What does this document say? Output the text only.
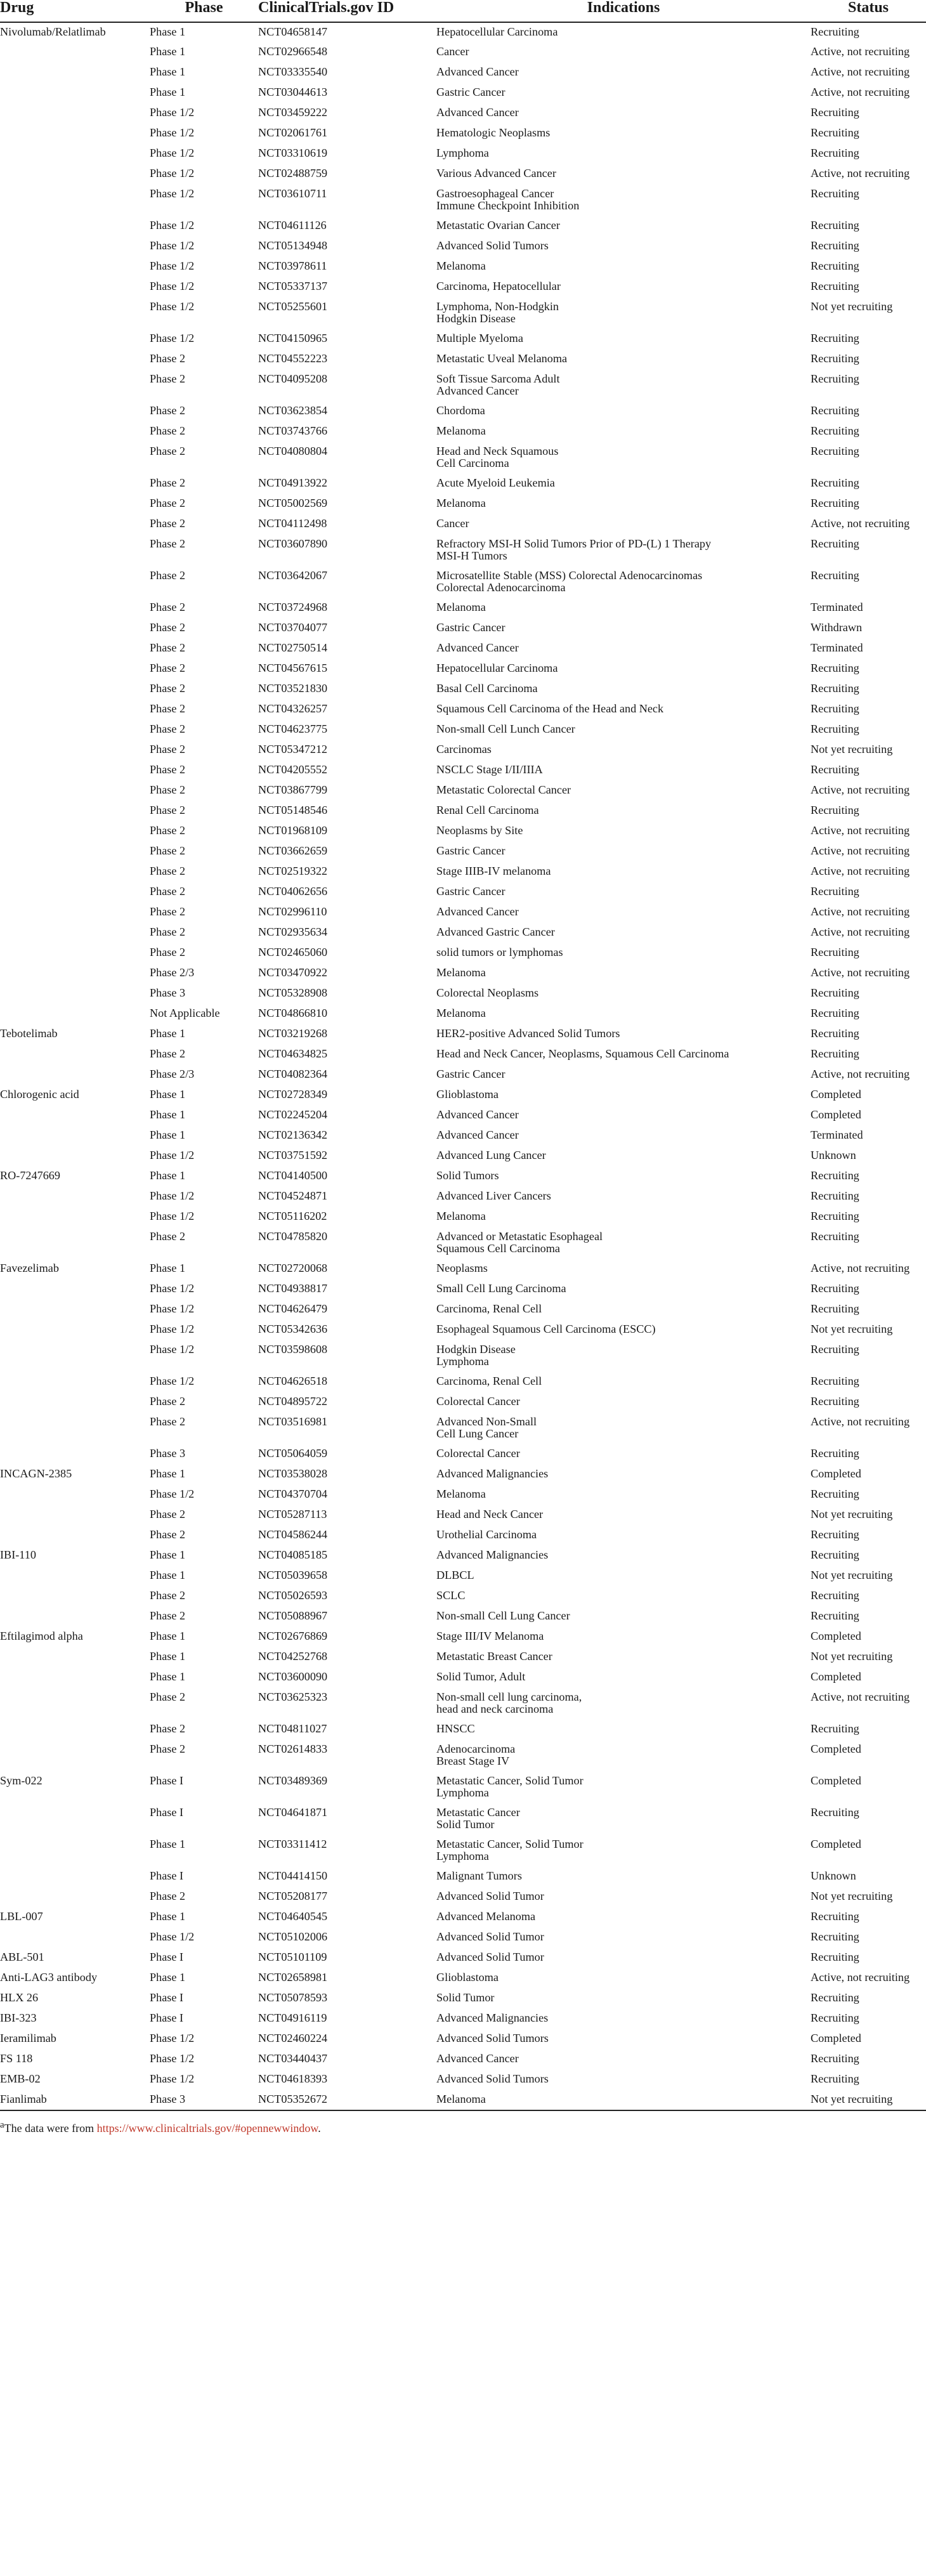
Drug	Phase	ClinicalTrials.gov ID	Indications	Status
Nivolumab/Relatlimab	Phase 1	NCT04658147	Hepatocellular Carcinoma	Recruiting
	Phase 1	NCT02966548	Cancer	Active, not recruiting
	Phase 1	NCT03335540	Advanced Cancer	Active, not recruiting
	Phase 1	NCT03044613	Gastric Cancer	Active, not recruiting
	Phase 1/2	NCT03459222	Advanced Cancer	Recruiting
	Phase 1/2	NCT02061761	Hematologic Neoplasms	Recruiting
	Phase 1/2	NCT03310619	Lymphoma	Recruiting
	Phase 1/2	NCT02488759	Various Advanced Cancer	Active, not recruiting
	Phase 1/2	NCT03610711	Gastroesophageal Cancer
Immune Checkpoint Inhibition	Recruiting
	Phase 1/2	NCT04611126	Metastatic Ovarian Cancer	Recruiting
	Phase 1/2	NCT05134948	Advanced Solid Tumors	Recruiting
	Phase 1/2	NCT03978611	Melanoma	Recruiting
	Phase 1/2	NCT05337137	Carcinoma, Hepatocellular	Recruiting
	Phase 1/2	NCT05255601	Lymphoma, Non-Hodgkin
Hodgkin Disease	Not yet recruiting
	Phase 1/2	NCT04150965	Multiple Myeloma	Recruiting
	Phase 2	NCT04552223	Metastatic Uveal Melanoma	Recruiting
	Phase 2	NCT04095208	Soft Tissue Sarcoma Adult
Advanced Cancer	Recruiting
	Phase 2	NCT03623854	Chordoma	Recruiting
	Phase 2	NCT03743766	Melanoma	Recruiting
	Phase 2	NCT04080804	Head and Neck Squamous
Cell Carcinoma	Recruiting
	Phase 2	NCT04913922	Acute Myeloid Leukemia	Recruiting
	Phase 2	NCT05002569	Melanoma	Recruiting
	Phase 2	NCT04112498	Cancer	Active, not recruiting
	Phase 2	NCT03607890	Refractory MSI-H Solid Tumors Prior of PD-(L) 1 Therapy
MSI-H Tumors	Recruiting
	Phase 2	NCT03642067	Microsatellite Stable (MSS) Colorectal Adenocarcinomas
Colorectal Adenocarcinoma	Recruiting
	Phase 2	NCT03724968	Melanoma	Terminated
	Phase 2	NCT03704077	Gastric Cancer	Withdrawn
	Phase 2	NCT02750514	Advanced Cancer	Terminated
	Phase 2	NCT04567615	Hepatocellular Carcinoma	Recruiting
	Phase 2	NCT03521830	Basal Cell Carcinoma	Recruiting
	Phase 2	NCT04326257	Squamous Cell Carcinoma of the Head and Neck	Recruiting
	Phase 2	NCT04623775	Non-small Cell Lunch Cancer	Recruiting
	Phase 2	NCT05347212	Carcinomas	Not yet recruiting
	Phase 2	NCT04205552	NSCLC Stage I/II/IIIA	Recruiting
	Phase 2	NCT03867799	Metastatic Colorectal Cancer	Active, not recruiting
	Phase 2	NCT05148546	Renal Cell Carcinoma	Recruiting
	Phase 2	NCT01968109	Neoplasms by Site	Active, not recruiting
	Phase 2	NCT03662659	Gastric Cancer	Active, not recruiting
	Phase 2	NCT02519322	Stage IIIB-IV melanoma	Active, not recruiting
	Phase 2	NCT04062656	Gastric Cancer	Recruiting
	Phase 2	NCT02996110	Advanced Cancer	Active, not recruiting
	Phase 2	NCT02935634	Advanced Gastric Cancer	Active, not recruiting
	Phase 2	NCT02465060	solid tumors or lymphomas	Recruiting
	Phase 2/3	NCT03470922	Melanoma	Active, not recruiting
	Phase 3	NCT05328908	Colorectal Neoplasms	Recruiting
	Not Applicable	NCT04866810	Melanoma	Recruiting
Tebotelimab	Phase 1	NCT03219268	HER2-positive Advanced Solid Tumors	Recruiting
	Phase 2	NCT04634825	Head and Neck Cancer, Neoplasms, Squamous Cell Carcinoma	Recruiting
	Phase 2/3	NCT04082364	Gastric Cancer	Active, not recruiting
Chlorogenic acid	Phase 1	NCT02728349	Glioblastoma	Completed
	Phase 1	NCT02245204	Advanced Cancer	Completed
	Phase 1	NCT02136342	Advanced Cancer	Terminated
	Phase 1/2	NCT03751592	Advanced Lung Cancer	Unknown
RO-7247669	Phase 1	NCT04140500	Solid Tumors	Recruiting
	Phase 1/2	NCT04524871	Advanced Liver Cancers	Recruiting
	Phase 1/2	NCT05116202	Melanoma	Recruiting
	Phase 2	NCT04785820	Advanced or Metastatic Esophageal
Squamous Cell Carcinoma	Recruiting
Favezelimab	Phase 1	NCT02720068	Neoplasms	Active, not recruiting
	Phase 1/2	NCT04938817	Small Cell Lung Carcinoma	Recruiting
	Phase 1/2	NCT04626479	Carcinoma, Renal Cell	Recruiting
	Phase 1/2	NCT05342636	Esophageal Squamous Cell Carcinoma (ESCC)	Not yet recruiting
	Phase 1/2	NCT03598608	Hodgkin Disease
Lymphoma	Recruiting
	Phase 1/2	NCT04626518	Carcinoma, Renal Cell	Recruiting
	Phase 2	NCT04895722	Colorectal Cancer	Recruiting
	Phase 2	NCT03516981	Advanced Non-Small
Cell Lung Cancer	Active, not recruiting
	Phase 3	NCT05064059	Colorectal Cancer	Recruiting
INCAGN-2385	Phase 1	NCT03538028	Advanced Malignancies	Completed
	Phase 1/2	NCT04370704	Melanoma	Recruiting
	Phase 2	NCT05287113	Head and Neck Cancer	Not yet recruiting
	Phase 2	NCT04586244	Urothelial Carcinoma	Recruiting
IBI-110	Phase 1	NCT04085185	Advanced Malignancies	Recruiting
	Phase 1	NCT05039658	DLBCL	Not yet recruiting
	Phase 2	NCT05026593	SCLC	Recruiting
	Phase 2	NCT05088967	Non-small Cell Lung Cancer	Recruiting
Eftilagimod alpha	Phase 1	NCT02676869	Stage III/IV Melanoma	Completed
	Phase 1	NCT04252768	Metastatic Breast Cancer	Not yet recruiting
	Phase 1	NCT03600090	Solid Tumor, Adult	Completed
	Phase 2	NCT03625323	Non-small cell lung carcinoma,
head and neck carcinoma	Active, not recruiting
	Phase 2	NCT04811027	HNSCC	Recruiting
	Phase 2	NCT02614833	Adenocarcinoma
Breast Stage IV	Completed
Sym-022	Phase I	NCT03489369	Metastatic Cancer, Solid Tumor
Lymphoma	Completed
	Phase I	NCT04641871	Metastatic Cancer
Solid Tumor	Recruiting
	Phase 1	NCT03311412	Metastatic Cancer, Solid Tumor
Lymphoma	Completed
	Phase I	NCT04414150	Malignant Tumors	Unknown
	Phase 2	NCT05208177	Advanced Solid Tumor	Not yet recruiting
LBL-007	Phase 1	NCT04640545	Advanced Melanoma	Recruiting
	Phase 1/2	NCT05102006	Advanced Solid Tumor	Recruiting
ABL-501	Phase I	NCT05101109	Advanced Solid Tumor	Recruiting
Anti-LAG3 antibody	Phase 1	NCT02658981	Glioblastoma	Active, not recruiting
HLX 26	Phase I	NCT05078593	Solid Tumor	Recruiting
IBI-323	Phase I	NCT04916119	Advanced Malignancies	Recruiting
Ieramilimab	Phase 1/2	NCT02460224	Advanced Solid Tumors	Completed
FS 118	Phase 1/2	NCT03440437	Advanced Cancer	Recruiting
EMB-02	Phase 1/2	NCT04618393	Advanced Solid Tumors	Recruiting
Fianlimab	Phase 3	NCT05352672	Melanoma	Not yet recruiting
$^a$The data were from https://www.clinicaltrials.gov/#opennewwindow.
